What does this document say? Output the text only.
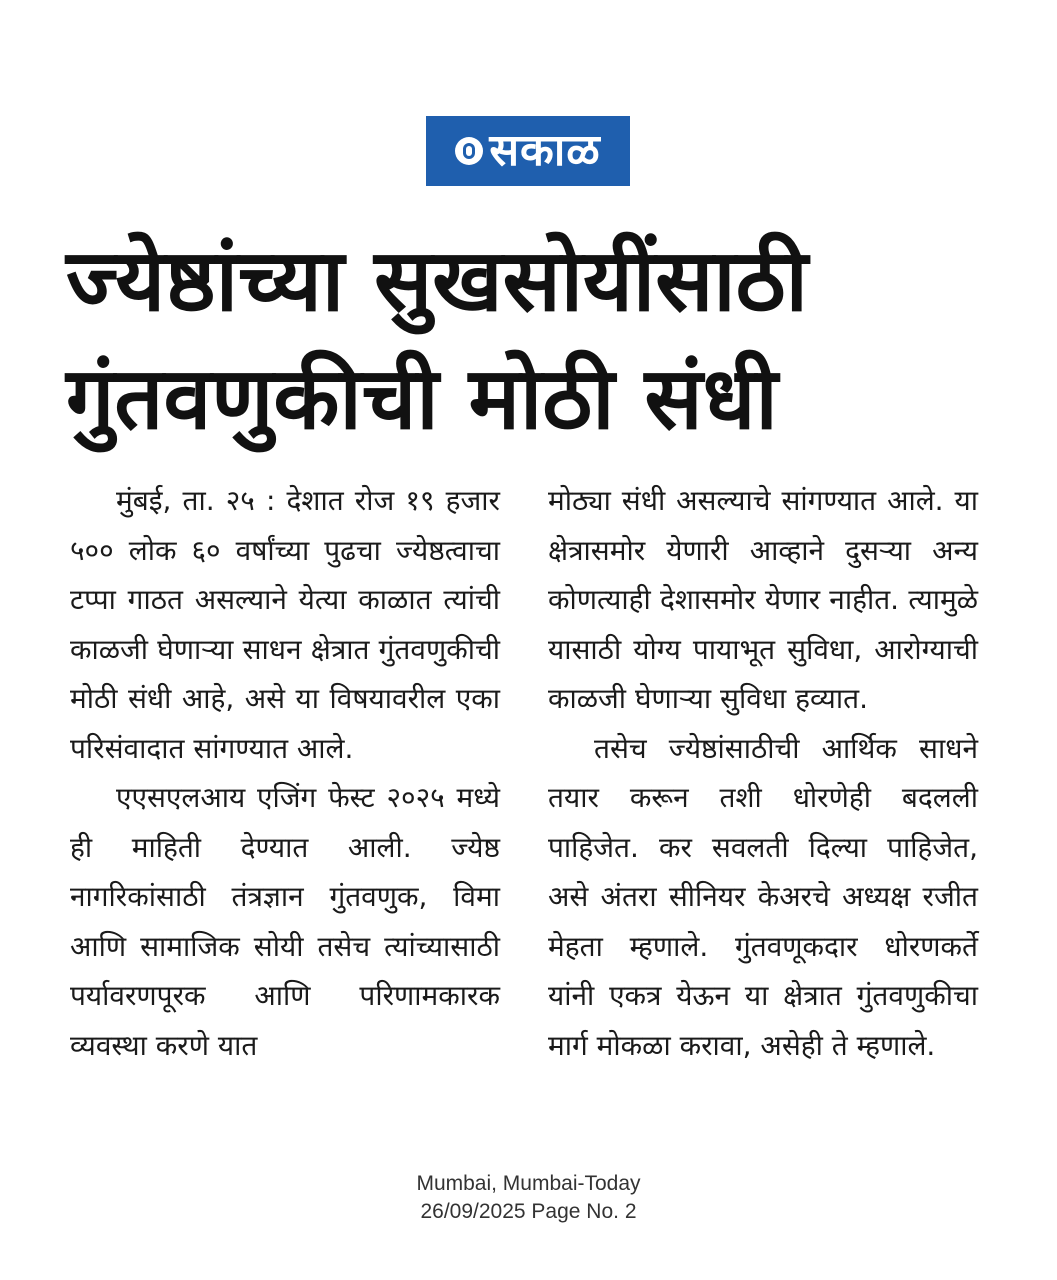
सकाळ
ज्येष्ठांच्या सुखसोयींसाठी
गुंतवणुकीची मोठी संधी

मुंबई, ता. २५ : देशात रोज १९ हजार ५०० लोक ६० वर्षांच्या पुढचा ज्येष्ठत्वाचा टप्पा गाठत असल्याने येत्या काळात त्यांची काळजी घेणाऱ्या साधन क्षेत्रात गुंतवणुकीची मोठी संधी आहे, असे या विषयावरील एका परिसंवादात सांगण्यात आले.

एएसएलआय एजिंग फेस्ट २०२५ मध्ये ही माहिती देण्यात आली. ज्येष्ठ नागरिकांसाठी तंत्रज्ञान गुंतवणुक, विमा आणि सामाजिक सोयी तसेच त्यांच्यासाठी पर्यावरणपूरक आणि परिणामकारक व्यवस्था करणे यात

मोठ्या संधी असल्याचे सांगण्यात आले. या क्षेत्रासमोर येणारी आव्हाने दुसऱ्या अन्य कोणत्याही देशासमोर येणार नाहीत. त्यामुळे यासाठी योग्य पायाभूत सुविधा, आरोग्याची काळजी घेणाऱ्या सुविधा हव्यात.

तसेच ज्येष्ठांसाठीची आर्थिक साधने तयार करून तशी धोरणेही बदलली पाहिजेत. कर सवलती दिल्या पाहिजेत, असे अंतरा सीनियर केअरचे अध्यक्ष रजीत मेहता म्हणाले. गुंतवणूकदार धोरणकर्ते यांनी एकत्र येऊन या क्षेत्रात गुंतवणुकीचा मार्ग मोकळा करावा, असेही ते म्हणाले.

Mumbai, Mumbai-Today
26/09/2025 Page No. 2
